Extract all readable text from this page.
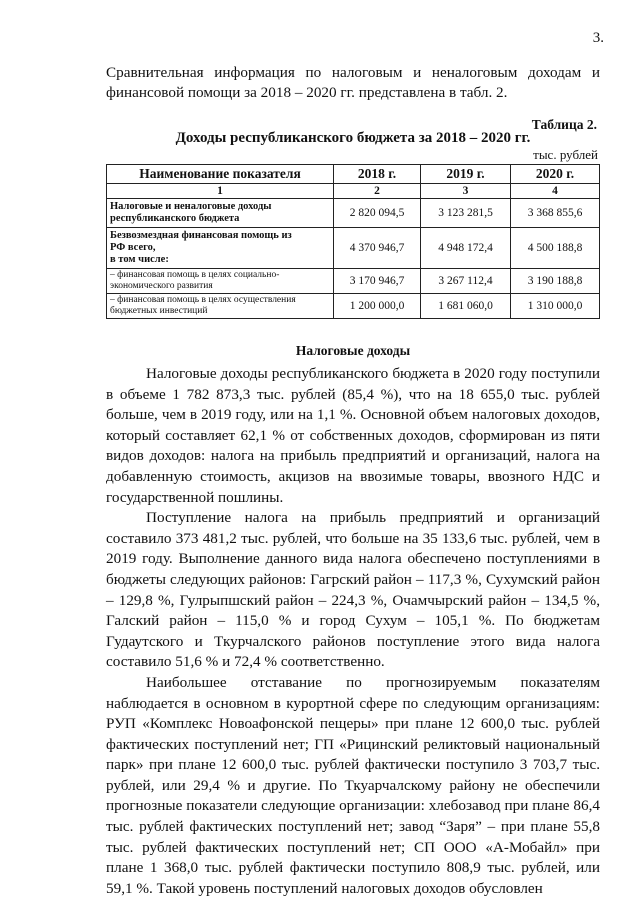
3.
Сравнительная информация по налоговым и неналоговым доходам и финансовой помощи за 2018 – 2020 гг. представлена в табл. 2.
Таблица 2.
Доходы республиканского бюджета за 2018 – 2020 гг.
тыс. рублей
Наименование показателя	2018 г.	2019 г.	2020 г.
1	2	3	4
Налоговые и неналоговые доходы
республиканского бюджета	2 820 094,5	3 123 281,5	3 368 855,6
Безвозмездная финансовая помощь из
РФ всего,
в том числе:	4 370 946,7	4 948 172,4	4 500 188,8
– финансовая помощь в целях социально-
экономического развития	3 170 946,7	3 267 112,4	3 190 188,8
– финансовая помощь в целях осуществления
бюджетных инвестиций	1 200 000,0	1 681 060,0	1 310 000,0
Налоговые доходы

Налоговые доходы республиканского бюджета в 2020 году поступили в объеме 1 782 873,3 тыс. рублей (85,4 %), что на 18 655,0 тыс. рублей больше, чем в 2019 году, или на 1,1 %. Основной объем налоговых доходов, который составляет 62,1 % от собственных доходов, сформирован из пяти видов доходов: налога на прибыль предприятий и организаций, налога на добавленную стоимость, акцизов на ввозимые товары, ввозного НДС и государственной пошлины.

Поступление налога на прибыль предприятий и организаций составило 373 481,2 тыс. рублей, что больше на 35 133,6 тыс. рублей, чем в 2019 году. Выполнение данного вида налога обеспечено поступлениями в бюджеты следующих районов: Гагрский район – 117,3 %, Сухумский район – 129,8 %, Гулрыпшский район – 224,3 %, Очамчырский район – 134,5 %, Галский район – 115,0 % и город Сухум – 105,1 %. По бюджетам Гудаутского и Ткурчалского районов поступление этого вида налога составило 51,6 % и 72,4 % соответственно.

Наибольшее отставание по прогнозируемым показателям наблюдается в основном в курортной сфере по следующим организациям: РУП «Комплекс Новоафонской пещеры» при плане 12 600,0 тыс. рублей фактических поступлений нет; ГП «Рицинский реликтовый национальный парк» при плане 12 600,0 тыс. рублей фактически поступило 3 703,7 тыс. рублей, или 29,4 % и другие. По Ткуарчалскому району не обеспечили прогнозные показатели следующие организации: хлебозавод при плане 86,4 тыс. рублей фактических поступлений нет; завод “Заря” – при плане 55,8 тыс. рублей фактических поступлений нет; СП ООО «А-Мобайл» при плане 1 368,0 тыс. рублей фактически поступило 808,9 тыс. рублей, или 59,1 %. Такой уровень поступлений налоговых доходов обусловлен
